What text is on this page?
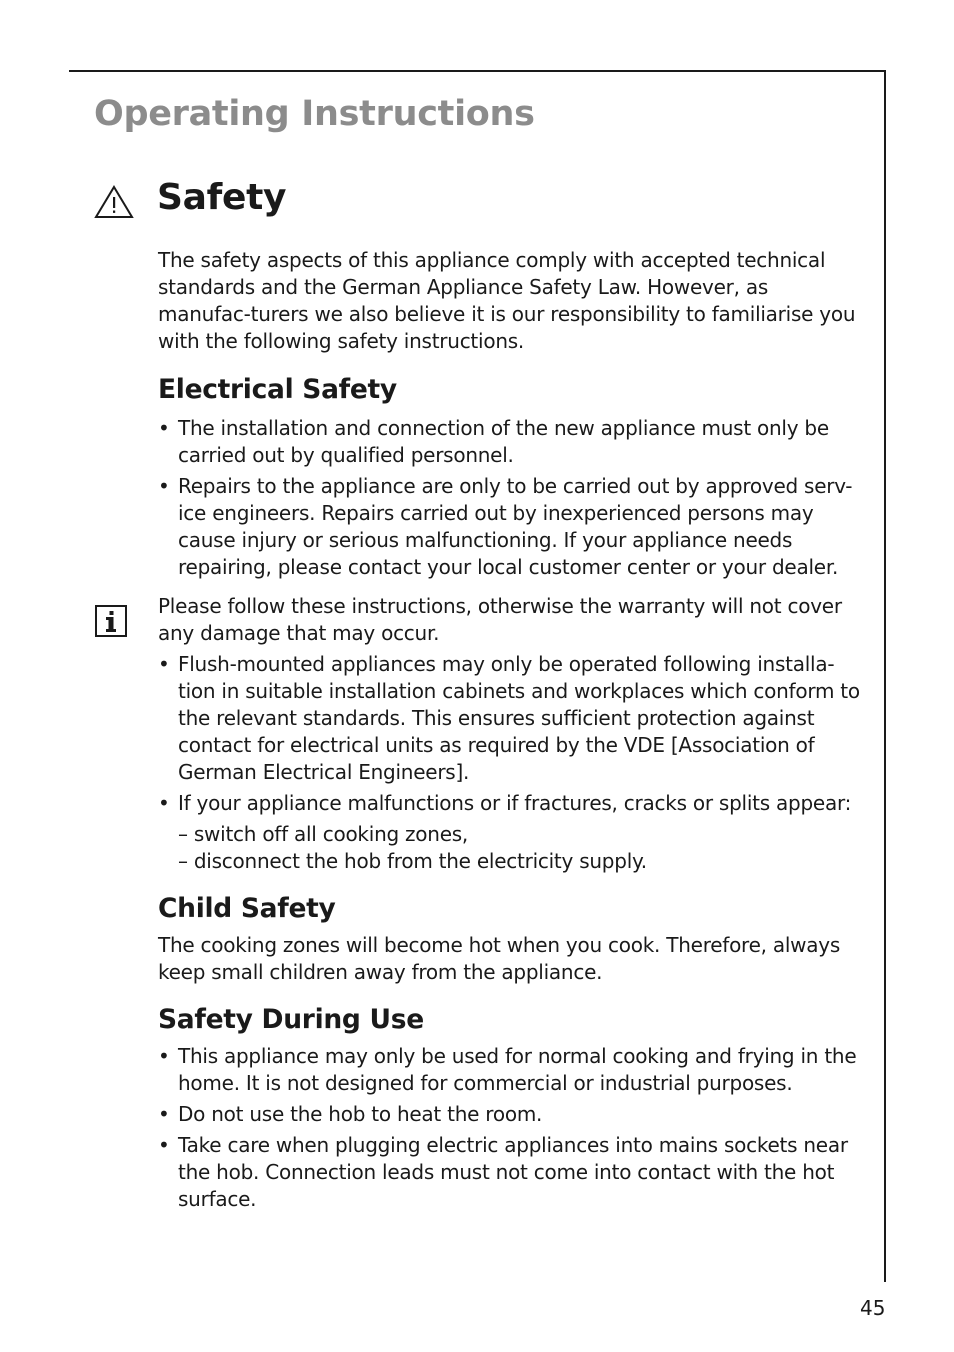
Operating Instructions
Safety

The safety aspects of this appliance comply with accepted technical standards and the German Appliance Safety Law. However, as manufac-turers we also believe it is our responsibility to familiarise you with the following safety instructions.

Electrical Safety
• The installation and connection of the new appliance must only be carried out by qualified personnel.
• Repairs to the appliance are only to be carried out by approved serv-ice engineers. Repairs carried out by inexperienced persons may cause injury or serious malfunctioning. If your appliance needs repairing, please contact your local customer center or your dealer.

Please follow these instructions, otherwise the warranty will not cover any damage that may occur.

• Flush-mounted appliances may only be operated following installa-tion in suitable installation cabinets and workplaces which conform to the relevant standards. This ensures sufficient protection against contact for electrical units as required by the VDE [Association of German Electrical Engineers].
• If your appliance malfunctions or if fractures, cracks or splits appear:
– switch off all cooking zones,
– disconnect the hob from the electricity supply.
Child Safety

The cooking zones will become hot when you cook. Therefore, always keep small children away from the appliance.

Safety During Use
• This appliance may only be used for normal cooking and frying in the home. It is not designed for commercial or industrial purposes.
• Do not use the hob to heat the room.
• Take care when plugging electric appliances into mains sockets near the hob. Connection leads must not come into contact with the hot surface.
45
